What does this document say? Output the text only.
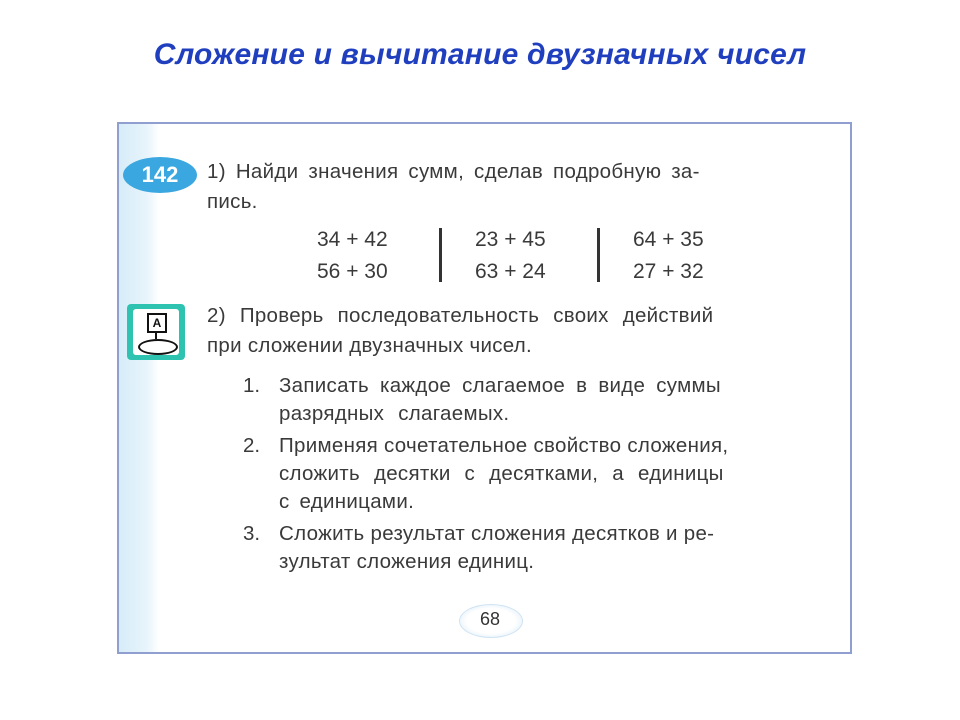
Сложение и вычитание двузначных чисел
142	1) Найди значения сумм, сделав подробную за-
пись.
34 + 42
56 + 30
23 + 45
63 + 24
64 + 35
27 + 32
А 2) Проверь последовательность своих действий
при сложении двузначных чисел.
1. Записать каждое слагаемое в виде суммы
разрядных слагаемых.
2. Применяя сочетательное свойство сложения,
сложить десятки с десятками, а единицы
с единицами.
3. Сложить результат сложения десятков и ре-
зультат сложения единиц.
68
